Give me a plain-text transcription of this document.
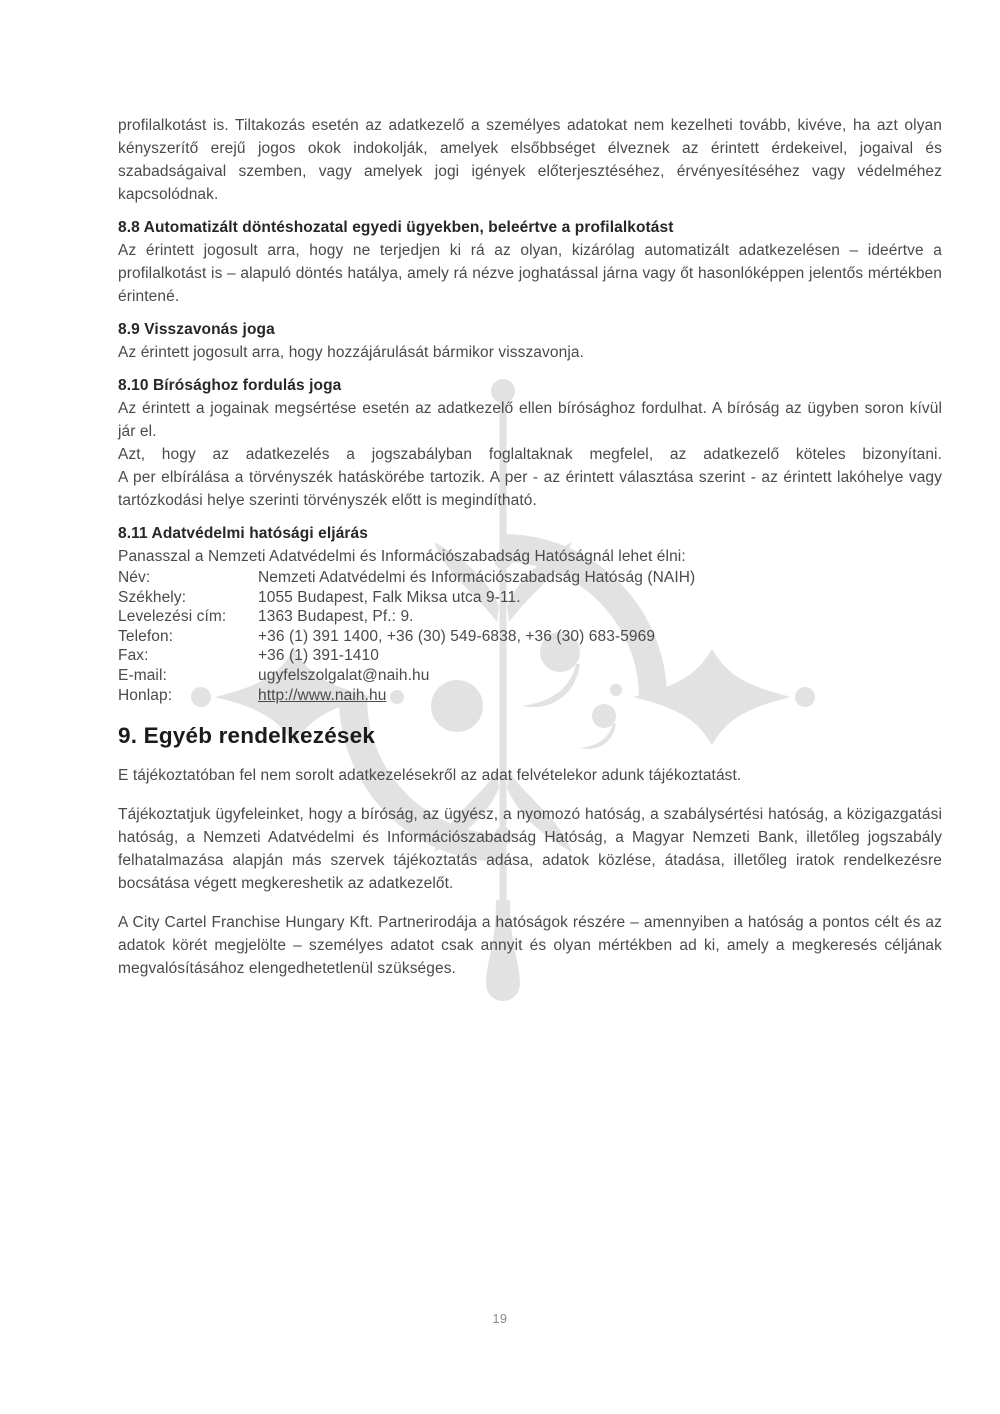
profilalkotást is. Tiltakozás esetén az adatkezelő a személyes adatokat nem kezelheti tovább, kivéve, ha azt olyan kényszerítő erejű jogos okok indokolják, amelyek elsőbbséget élveznek az érintett érdekeivel, jogaival és szabadságaival szemben, vagy amelyek jogi igények előterjesztéséhez, érvényesítéséhez vagy védelméhez kapcsolódnak.

8.8 Automatizált döntéshozatal egyedi ügyekben, beleértve a profilalkotást

Az érintett jogosult arra, hogy ne terjedjen ki rá az olyan, kizárólag automatizált adatkezelésen – ideértve a profilalkotást is – alapuló döntés hatálya, amely rá nézve joghatással járna vagy őt hasonlóképpen jelentős mértékben érintené.

8.9 Visszavonás joga

Az érintett jogosult arra, hogy hozzájárulását bármikor visszavonja.

8.10 Bírósághoz fordulás joga

Az érintett a jogainak megsértése esetén az adatkezelő ellen bírósághoz fordulhat. A bíróság az ügyben soron kívül jár el.

Azt, hogy az adatkezelés a jogszabályban foglaltaknak megfelel, az adatkezelő köteles bizonyítani.

A per elbírálása a törvényszék hatáskörébe tartozik. A per - az érintett választása szerint - az érintett lakóhelye vagy tartózkodási helye szerinti törvényszék előtt is megindítható.

8.11 Adatvédelmi hatósági eljárás

Panasszal a Nemzeti Adatvédelmi és Információszabadság Hatóságnál lehet élni:

Név:	Nemzeti Adatvédelmi és Információszabadság Hatóság (NAIH)
Székhely:	1055 Budapest, Falk Miksa utca 9-11.
Levelezési cím:	1363 Budapest, Pf.: 9.
Telefon:	+36 (1) 391 1400, +36 (30) 549-6838, +36 (30) 683-5969
Fax:	+36 (1) 391-1410
E-mail:	ugyfelszolgalat@naih.hu
Honlap:	http://www.naih.hu
9. Egyéb rendelkezések

E tájékoztatóban fel nem sorolt adatkezelésekről az adat felvételekor adunk tájékoztatást.

Tájékoztatjuk ügyfeleinket, hogy a bíróság, az ügyész, a nyomozó hatóság, a szabálysértési hatóság, a közigazgatási hatóság, a Nemzeti Adatvédelmi és Információszabadság Hatóság, a Magyar Nemzeti Bank, illetőleg jogszabály felhatalmazása alapján más szervek tájékoztatás adása, adatok közlése, átadása, illetőleg iratok rendelkezésre bocsátása végett megkereshetik az adatkezelőt.

A City Cartel Franchise Hungary Kft. Partnerirodája a hatóságok részére – amennyiben a hatóság a pontos célt és az adatok körét megjelölte – személyes adatot csak annyit és olyan mértékben ad ki, amely a megkeresés céljának megvalósításához elengedhetetlenül szükséges.

19
